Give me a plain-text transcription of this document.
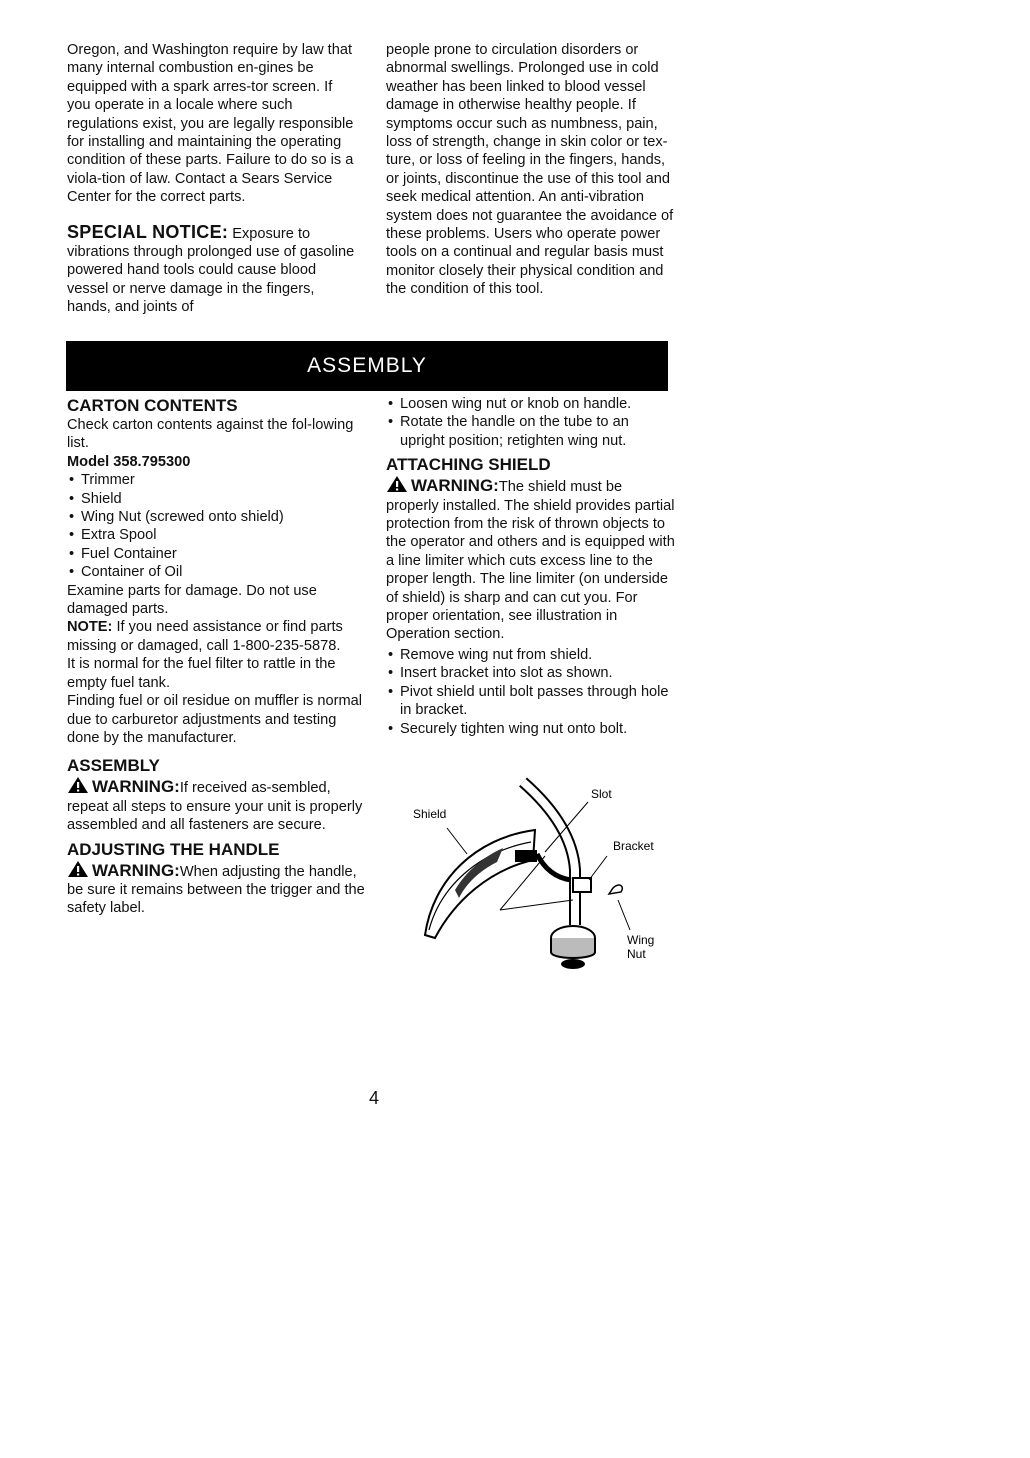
Oregon, and Washington require by law that many internal combustion en-gines be equipped with a spark arres-tor screen. If you operate in a locale where such regulations exist, you are legally responsible for installing and maintaining the operating condition of these parts. Failure to do so is a viola-tion of law. Contact a Sears Service Center for the correct parts.

SPECIAL NOTICE: Exposure to vibrations through prolonged use of gasoline powered hand tools could cause blood vessel or nerve damage in the fingers, hands, and joints of

people prone to circulation disorders or abnormal swellings. Prolonged use in cold weather has been linked to blood vessel damage in otherwise healthy people. If symptoms occur such as numbness, pain, loss of strength, change in skin color or tex-ture, or loss of feeling in the fingers, hands, or joints, discontinue the use of this tool and seek medical attention. An anti-vibration system does not guarantee the avoidance of these problems. Users who operate power tools on a continual and regular basis must monitor closely their physical condition and the condition of this tool.

ASSEMBLY

CARTON CONTENTS

Check carton contents against the fol-lowing list.

Model 358.795300

• Trimmer
• Shield
• Wing Nut (screwed onto shield)
• Extra Spool
• Fuel Container
• Container of Oil

Examine parts for damage. Do not use damaged parts.

NOTE: If you need assistance or find parts missing or damaged, call 1-800-235-5878.

It is normal for the fuel filter to rattle in the empty fuel tank.

Finding fuel or oil residue on muffler is normal due to carburetor adjustments and testing done by the manufacturer.

ASSEMBLY

WARNING:If received as-sembled, repeat all steps to ensure your unit is properly assembled and all fasteners are secure.

ADJUSTING THE HANDLE

WARNING:When adjusting the handle, be sure it remains between the trigger and the safety label.

• Loosen wing nut or knob on handle.
• Rotate the handle on the tube to an upright position; retighten wing nut.

ATTACHING SHIELD

WARNING:The shield must be properly installed. The shield provides partial protection from the risk of thrown objects to the operator and others and is equipped with a line limiter which cuts excess line to the proper length. The line limiter (on underside of shield) is sharp and can cut you. For proper orientation, see illustration in Operation section.

• Remove wing nut from shield.
• Insert bracket into slot as shown.
• Pivot shield until bolt passes through hole in bracket.
• Securely tighten wing nut onto bolt.
Shield
Slot
Bracket
Wing
Nut
4
